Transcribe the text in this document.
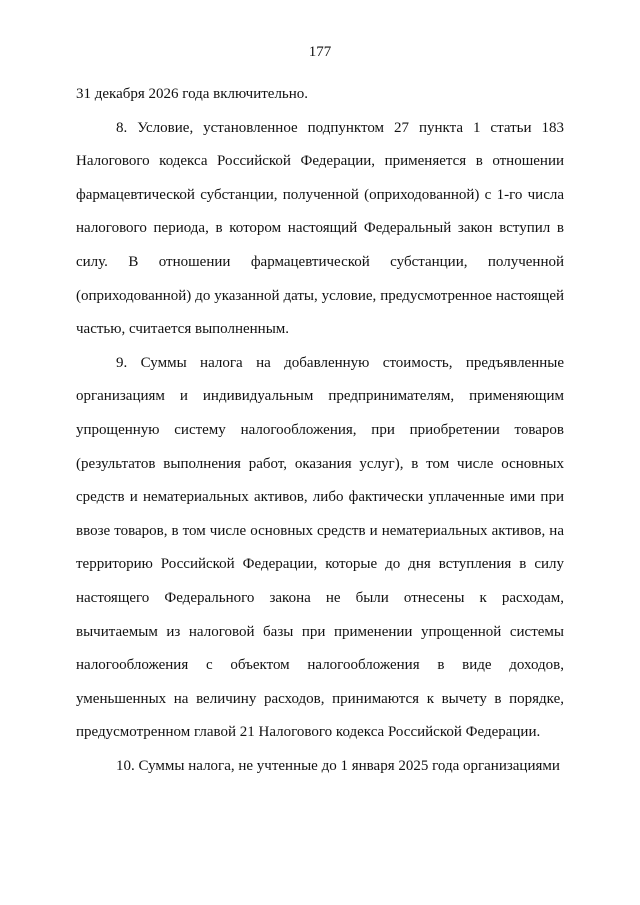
177

31 декабря 2026 года включительно.

8. Условие, установленное подпунктом 27 пункта 1 статьи 183 Налогового кодекса Российской Федерации, применяется в отношении фармацевтической субстанции, полученной (оприходованной) с 1-го числа налогового периода, в котором настоящий Федеральный закон вступил в силу. В отношении фармацевтической субстанции, полученной (оприходованной) до указанной даты, условие, предусмотренное настоящей частью, считается выполненным.

9. Суммы налога на добавленную стоимость, предъявленные организациям и индивидуальным предпринимателям, применяющим упрощенную систему налогообложения, при приобретении товаров (результатов выполнения работ, оказания услуг), в том числе основных средств и нематериальных активов, либо фактически уплаченные ими при ввозе товаров, в том числе основных средств и нематериальных активов, на территорию Российской Федерации, которые до дня вступления в силу настоящего Федерального закона не были отнесены к расходам, вычитаемым из налоговой базы при применении упрощенной системы налогообложения с объектом налогообложения в виде доходов, уменьшенных на величину расходов, принимаются к вычету в порядке, предусмотренном главой 21 Налогового кодекса Российской Федерации.

10. Суммы налога, не учтенные до 1 января 2025 года организациями
